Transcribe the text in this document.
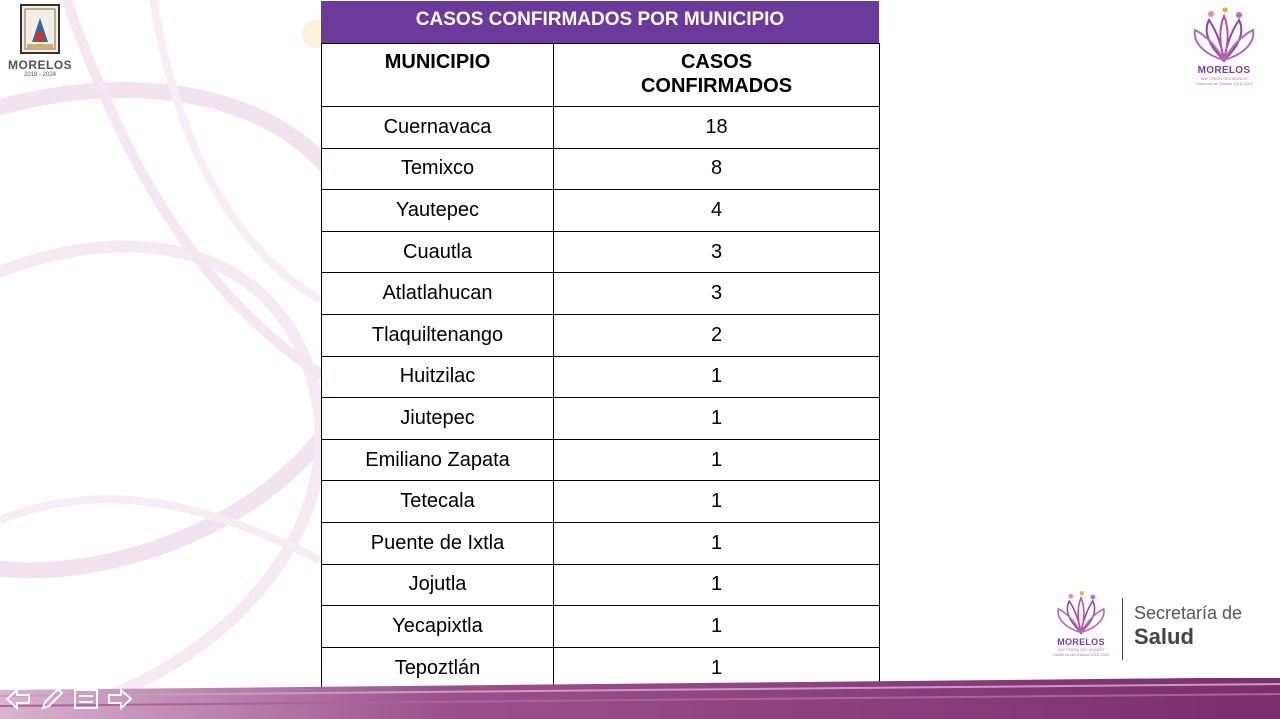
MORELOS
2018 - 2024
CASOS CONFIRMADOS POR MUNICIPIO
MUNICIPIO	CASOS
CONFIRMADOS
Cuernavaca	18
Temixco	8
Yautepec	4
Cuautla	3
Atlatlahucan	3
Tlaquiltenango	2
Huitzilac	1
Jiutepec	1
Emiliano Zapata	1
Tetecala	1
Puente de Ixtla	1
Jojutla	1
Yecapixtla	1
Tepoztlán	1
MORELOS
ANFITRIÓN DEL MUNDO
Gobierno del Estado 2018-2024
MORELOS
ANFITRIÓN DEL MUNDO
Gobierno del Estado 2018-2024
Secretaría de
Salud
